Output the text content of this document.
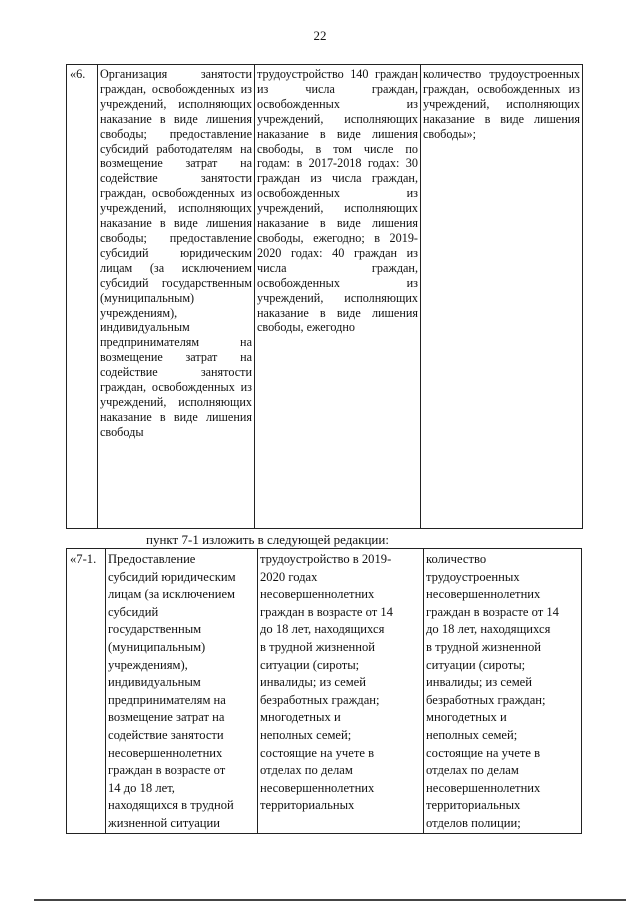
22
«6.	Организация занятости граждан, освобожденных из учреждений, исполняющих наказание в виде лишения свободы; предоставление субсидий работодателям на возмещение затрат на содействие занятости граждан, освобожденных из учреждений, исполняющих наказание в виде лишения свободы; предоставление субсидий юридическим лицам (за исключением субсидий государственным (муниципальным) учреждениям), индивидуальным предпринимателям на возмещение затрат на содействие занятости граждан, освобожденных из учреждений, исполняющих наказание в виде лишения свободы	трудоустройство 140 граждан из числа граждан, освобожденных из учреждений, исполняющих наказание в виде лишения свободы, в том числе по годам: в 2017-2018 годах: 30 граждан из числа граждан, освобожденных из учреждений, исполняющих наказание в виде лишения свободы, ежегодно; в 2019-2020 годах: 40 граждан из числа граждан, освобожденных из учреждений, исполняющих наказание в виде лишения свободы, ежегодно	количество трудоустроенных граждан, освобожденных из учреждений, исполняющих наказание в виде лишения свободы»;
пункт 7-1 изложить в следующей редакции:
«7-1.	Предоставление
субсидий юридическим
лицам (за исключением
субсидий
государственным
(муниципальным)
учреждениям),
индивидуальным
предпринимателям на
возмещение затрат на
содействие занятости
несовершеннолетних
граждан в возрасте от
14 до 18 лет,
находящихся в трудной
жизненной ситуации	трудоустройство в 2019-
2020 годах
несовершеннолетних
граждан в возрасте от 14
до 18 лет, находящихся
в трудной жизненной
ситуации (сироты;
инвалиды; из семей
безработных граждан;
многодетных и
неполных семей;
состоящие на учете в
отделах по делам
несовершеннолетних
территориальных	количество
трудоустроенных
несовершеннолетних
граждан в возрасте от 14
до 18 лет, находящихся
в трудной жизненной
ситуации (сироты;
инвалиды; из семей
безработных граждан;
многодетных и
неполных семей;
состоящие на учете в
отделах по делам
несовершеннолетних
территориальных
отделов полиции;
